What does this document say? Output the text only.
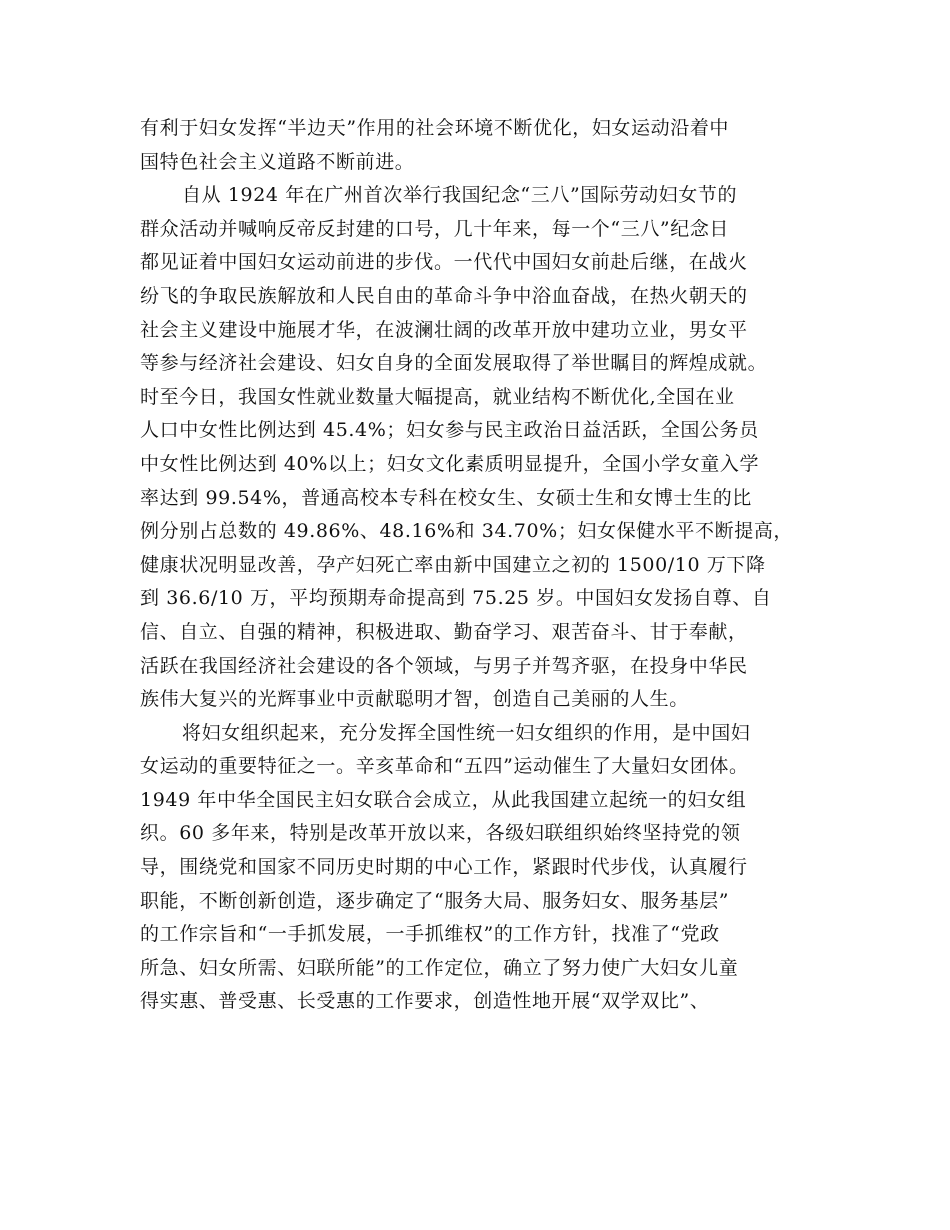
有利于妇女发挥“半边天”作用的社会环境不断优化，妇女运动沿着中
国特色社会主义道路不断前进。
自从 1924 年在广州首次举行我国纪念“三八”国际劳动妇女节的
群众活动并喊响反帝反封建的口号，几十年来，每一个“三八”纪念日
都见证着中国妇女运动前进的步伐。一代代中国妇女前赴后继，在战火
纷飞的争取民族解放和人民自由的革命斗争中浴血奋战，在热火朝天的
社会主义建设中施展才华，在波澜壮阔的改革开放中建功立业，男女平
等参与经济社会建设、妇女自身的全面发展取得了举世瞩目的辉煌成就。
时至今日，我国女性就业数量大幅提高，就业结构不断优化,全国在业
人口中女性比例达到 45.4%；妇女参与民主政治日益活跃，全国公务员
中女性比例达到 40%以上；妇女文化素质明显提升，全国小学女童入学
率达到 99.54%，普通高校本专科在校女生、女硕士生和女博士生的比
例分别占总数的 49.86%、48.16%和 34.70%；妇女保健水平不断提高，
健康状况明显改善，孕产妇死亡率由新中国建立之初的 1500/10 万下降
到 36.6/10 万，平均预期寿命提高到 75.25 岁。中国妇女发扬自尊、自
信、自立、自强的精神，积极进取、勤奋学习、艰苦奋斗、甘于奉献，
活跃在我国经济社会建设的各个领域，与男子并驾齐驱，在投身中华民
族伟大复兴的光辉事业中贡献聪明才智，创造自己美丽的人生。
将妇女组织起来，充分发挥全国性统一妇女组织的作用，是中国妇
女运动的重要特征之一。辛亥革命和“五四”运动催生了大量妇女团体。
1949 年中华全国民主妇女联合会成立，从此我国建立起统一的妇女组
织。60 多年来，特别是改革开放以来，各级妇联组织始终坚持党的领
导，围绕党和国家不同历史时期的中心工作，紧跟时代步伐，认真履行
职能，不断创新创造，逐步确定了“服务大局、服务妇女、服务基层”
的工作宗旨和“一手抓发展，一手抓维权”的工作方针，找准了“党政
所急、妇女所需、妇联所能”的工作定位，确立了努力使广大妇女儿童
得实惠、普受惠、长受惠的工作要求，创造性地开展“双学双比”、
